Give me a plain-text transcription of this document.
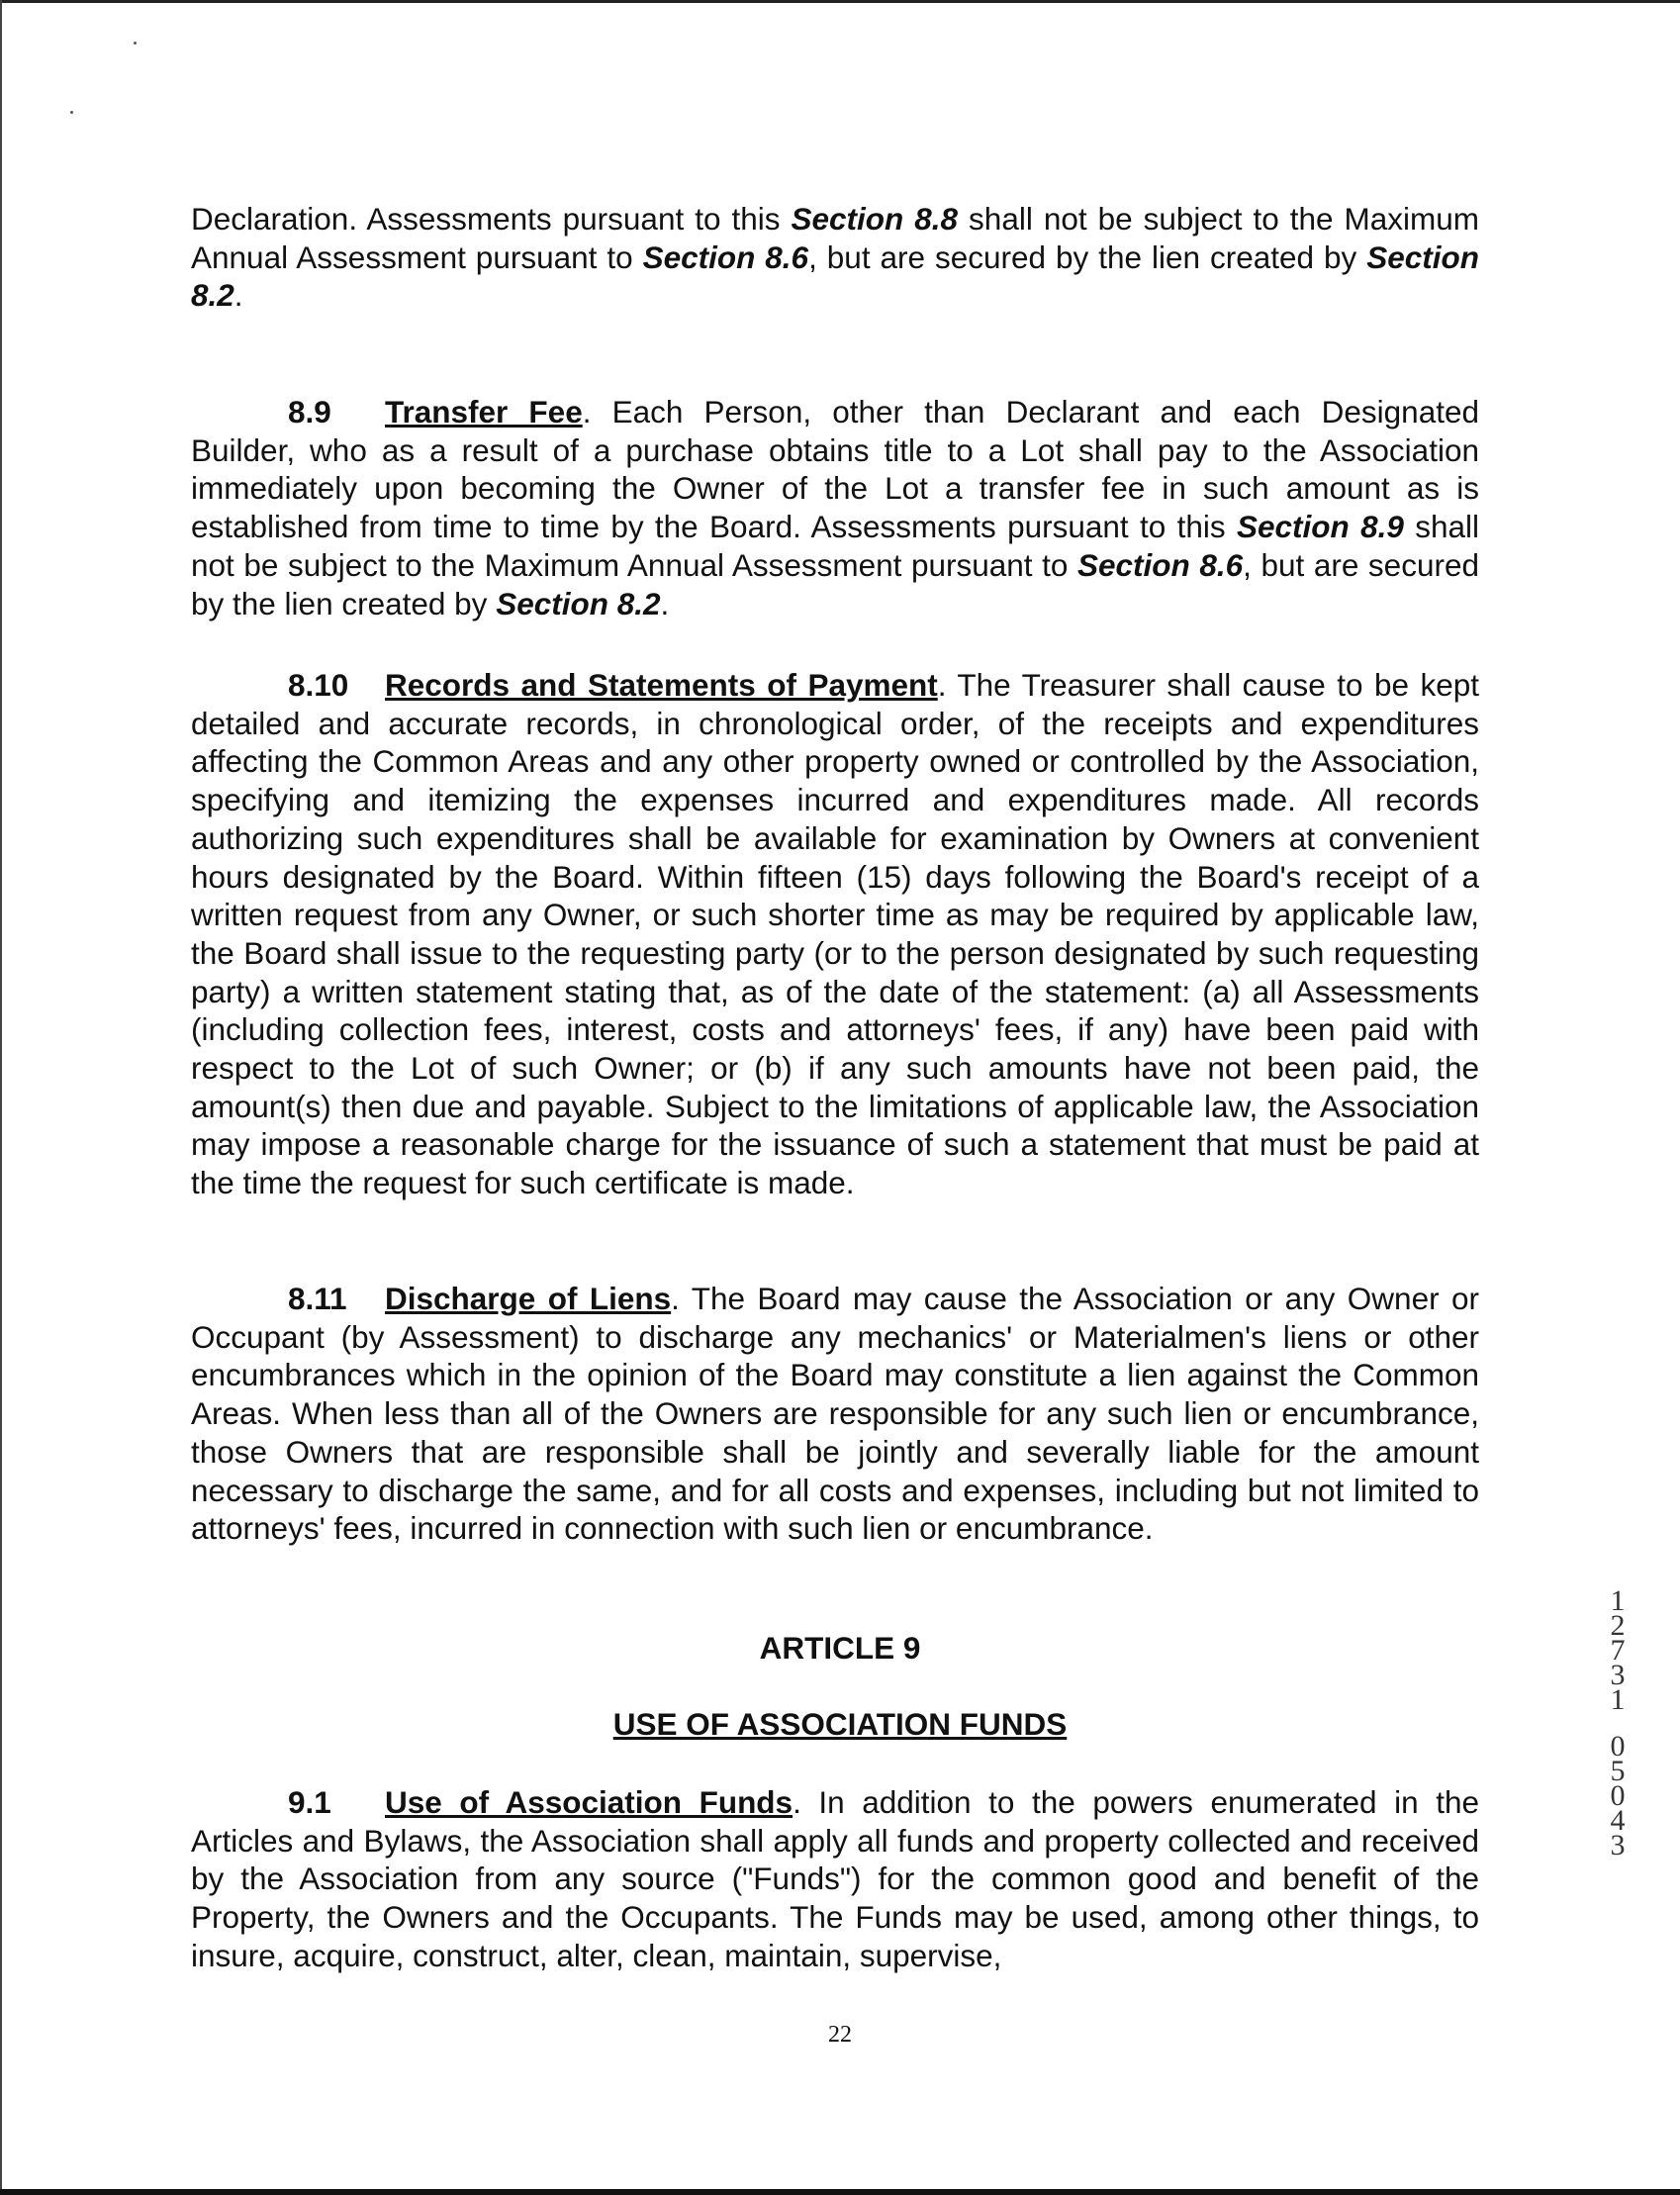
Declaration. Assessments pursuant to this Section 8.8 shall not be subject to the Maximum Annual Assessment pursuant to Section 8.6, but are secured by the lien created by Section 8.2.

8.9 Transfer Fee. Each Person, other than Declarant and each Designated Builder, who as a result of a purchase obtains title to a Lot shall pay to the Association immediately upon becoming the Owner of the Lot a transfer fee in such amount as is established from time to time by the Board. Assessments pursuant to this Section 8.9 shall not be subject to the Maximum Annual Assessment pursuant to Section 8.6, but are secured by the lien created by Section 8.2.

8.10 Records and Statements of Payment. The Treasurer shall cause to be kept detailed and accurate records, in chronological order, of the receipts and expenditures affecting the Common Areas and any other property owned or controlled by the Association, specifying and itemizing the expenses incurred and expenditures made. All records authorizing such expenditures shall be available for examination by Owners at convenient hours designated by the Board. Within fifteen (15) days following the Board's receipt of a written request from any Owner, or such shorter time as may be required by applicable law, the Board shall issue to the requesting party (or to the person designated by such requesting party) a written statement stating that, as of the date of the statement: (a) all Assessments (including collection fees, interest, costs and attorneys' fees, if any) have been paid with respect to the Lot of such Owner; or (b) if any such amounts have not been paid, the amount(s) then due and payable. Subject to the limitations of applicable law, the Association may impose a reasonable charge for the issuance of such a statement that must be paid at the time the request for such certificate is made.

8.11 Discharge of Liens. The Board may cause the Association or any Owner or Occupant (by Assessment) to discharge any mechanics' or Materialmen's liens or other encumbrances which in the opinion of the Board may constitute a lien against the Common Areas. When less than all of the Owners are responsible for any such lien or encumbrance, those Owners that are responsible shall be jointly and severally liable for the amount necessary to discharge the same, and for all costs and expenses, including but not limited to attorneys' fees, incurred in connection with such lien or encumbrance.

ARTICLE 9
USE OF ASSOCIATION FUNDS

9.1 Use of Association Funds. In addition to the powers enumerated in the Articles and Bylaws, the Association shall apply all funds and property collected and received by the Association from any source ("Funds") for the common good and benefit of the Property, the Owners and the Occupants. The Funds may be used, among other things, to insure, acquire, construct, alter, clean, maintain, supervise,

22
1
2
7
3
1
0
5
0
4
3
